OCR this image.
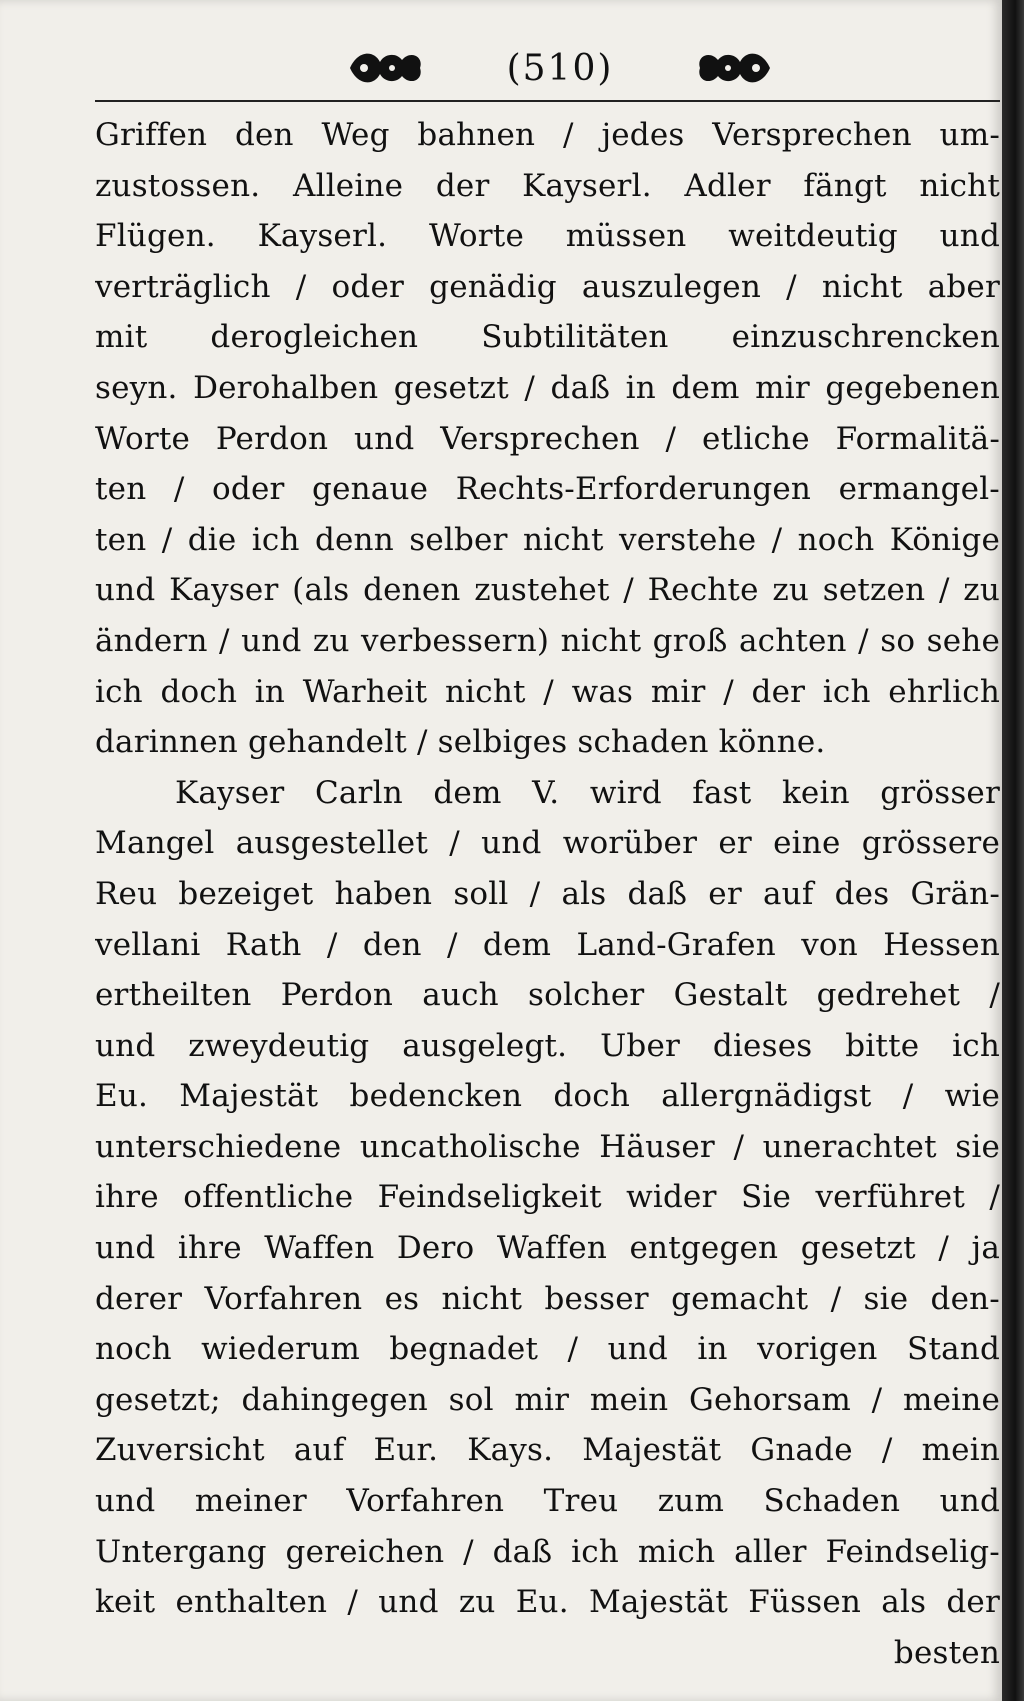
(510)
Griffen den Weg bahnen / jedes Versprechen um-
zustossen. Alleine der Kayserl. Adler fängt nicht
Flügen. Kayserl. Worte müssen weitdeutig und
verträglich / oder genädig auszulegen / nicht aber
mit derogleichen Subtilitäten einzuschrencken
seyn. Derohalben gesetzt / daß in dem mir gegebenen
Worte Perdon und Versprechen / etliche Formalitä-
ten / oder genaue Rechts-Erforderungen ermangel-
ten / die ich denn selber nicht verstehe / noch Könige
und Kayser (als denen zustehet / Rechte zu setzen / zu
ändern / und zu verbessern) nicht groß achten / so sehe
ich doch in Warheit nicht / was mir / der ich ehrlich
darinnen gehandelt / selbiges schaden könne.
Kayser Carln dem V. wird fast kein grösser
Mangel ausgestellet / und worüber er eine grössere
Reu bezeiget haben soll / als daß er auf des Grän-
vellani Rath / den / dem Land-Grafen von Hessen
ertheilten Perdon auch solcher Gestalt gedrehet /
und zweydeutig ausgelegt. Uber dieses bitte ich
Eu. Majestät bedencken doch allergnädigst / wie
unterschiedene uncatholische Häuser / unerachtet sie
ihre offentliche Feindseligkeit wider Sie verführet /
und ihre Waffen Dero Waffen entgegen gesetzt / ja
derer Vorfahren es nicht besser gemacht / sie den-
noch wiederum begnadet / und in vorigen Stand
gesetzt; dahingegen sol mir mein Gehorsam / meine
Zuversicht auf Eur. Kays. Majestät Gnade / mein
und meiner Vorfahren Treu zum Schaden und
Untergang gereichen / daß ich mich aller Feindselig-
keit enthalten / und zu Eu. Majestät Füssen als der
besten
